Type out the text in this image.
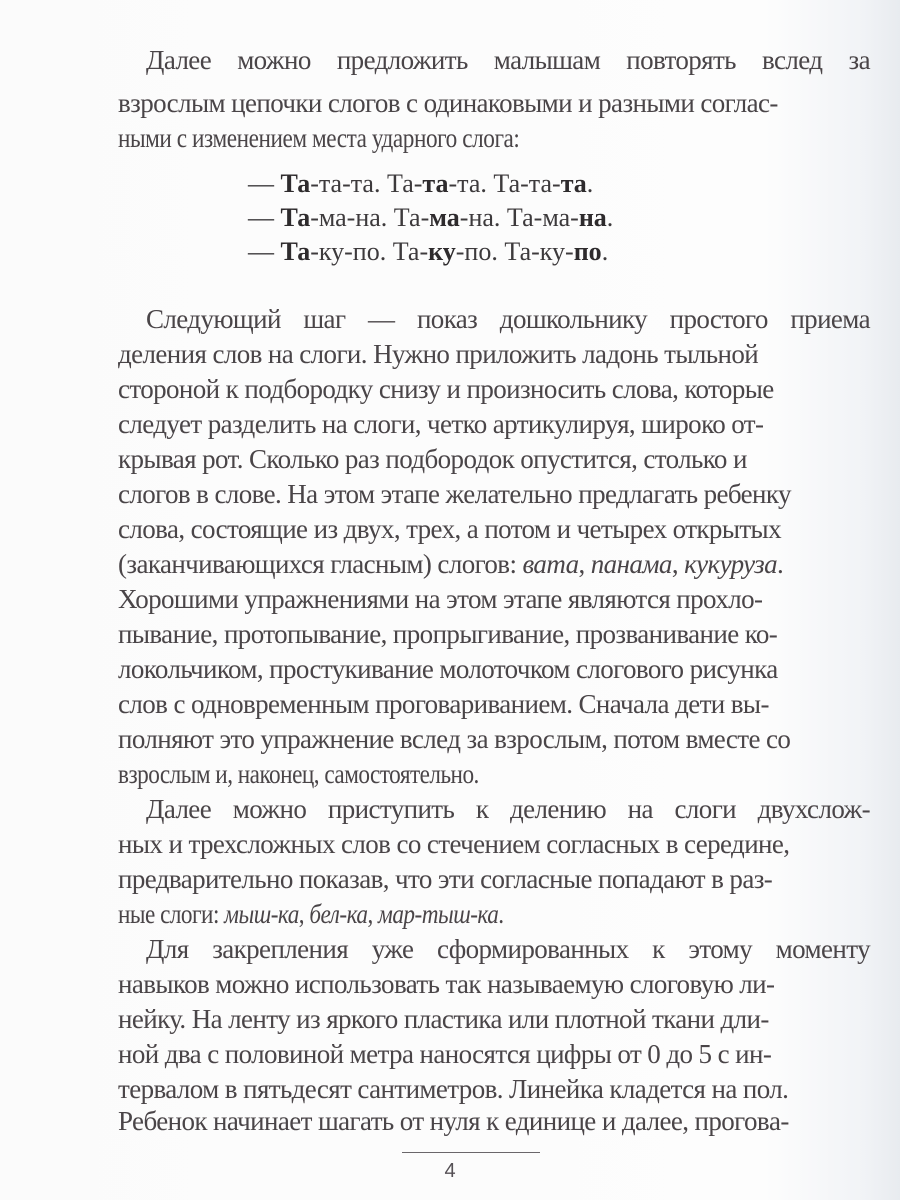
Далее можно предложить малышам повторять вслед за
взрослым цепочки слогов с одинаковыми и разными соглас-
ными с изменением места ударного слога:
— Та-та-та. Та-та-та. Та-та-та.
— Та-ма-на. Та-ма-на. Та-ма-на.
— Та-ку-по. Та-ку-по. Та-ку-по.
Следующий шаг — показ дошкольнику простого приема
деления слов на слоги. Нужно приложить ладонь тыльной
стороной к подбородку снизу и произносить слова, которые
следует разделить на слоги, четко артикулируя, широко от-
крывая рот. Сколько раз подбородок опустится, столько и
слогов в слове. На этом этапе желательно предлагать ребенку
слова, состоящие из двух, трех, а потом и четырех открытых
(заканчивающихся гласным) слогов: вата, панама, кукуруза.
Хорошими упражнениями на этом этапе являются прохло-
пывание, протопывание, пропрыгивание, прозванивание ко-
локольчиком, простукивание молоточком слогового рисунка
слов с одновременным проговариванием. Сначала дети вы-
полняют это упражнение вслед за взрослым, потом вместе со
взрослым и, наконец, самостоятельно.
Далее можно приступить к делению на слоги двухслож-
ных и трехсложных слов со стечением согласных в середине,
предварительно показав, что эти согласные попадают в раз-
ные слоги: мыш-ка, бел-ка, мар-тыш-ка.
Для закрепления уже сформированных к этому моменту
навыков можно использовать так называемую слоговую ли-
нейку. На ленту из яркого пластика или плотной ткани дли-
ной два с половиной метра наносятся цифры от 0 до 5 с ин-
тервалом в пятьдесят сантиметров. Линейка кладется на пол.
Ребенок начинает шагать от нуля к единице и далее, проговa-
4
